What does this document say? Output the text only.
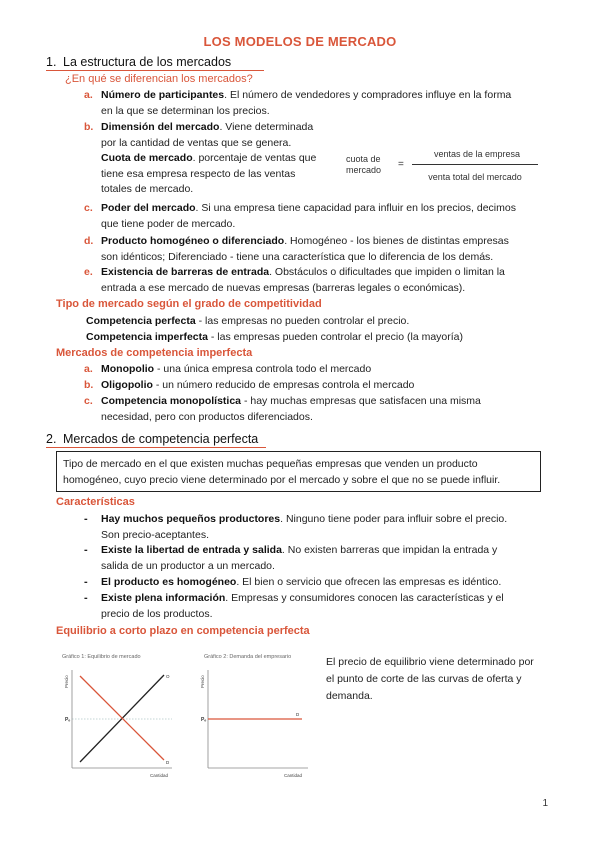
LOS MODELOS DE MERCADO
1. La estructura de los mercados
¿En qué se diferencian los mercados?
a. Número de participantes. El número de vendedores y compradores influye en la forma
en la que se determinan los precios.
b. Dimensión del mercado. Viene determinada
por la cantidad de ventas que se genera.
Cuota de mercado. porcentaje de ventas que
tiene esa empresa respecto de las ventas
totales de mercado.
cuota de
mercado =
ventas de la empresa
venta total del mercado
c. Poder del mercado. Si una empresa tiene capacidad para influir en los precios, decimos
que tiene poder de mercado.
d. Producto homogéneo o diferenciado. Homogéneo - los bienes de distintas empresas
son idénticos; Diferenciado - tiene una característica que lo diferencia de los demás.
e. Existencia de barreras de entrada. Obstáculos o dificultades que impiden o limitan la
entrada a ese mercado de nuevas empresas (barreras legales o económicas).
Tipo de mercado según el grado de competitividad
Competencia perfecta - las empresas no pueden controlar el precio.
Competencia imperfecta - las empresas pueden controlar el precio (la mayoría)
Mercados de competencia imperfecta
a. Monopolio - una única empresa controla todo el mercado
b. Oligopolio - un número reducido de empresas controla el mercado
c. Competencia monopolística - hay muchas empresas que satisfacen una misma
necesidad, pero con productos diferenciados.
2. Mercados de competencia perfecta
Tipo de mercado en el que existen muchas pequeñas empresas que venden un producto
homogéneo, cuyo precio viene determinado por el mercado y sobre el que no se puede influir.
Características
-	Hay muchos pequeños productores. Ninguno tiene poder para influir sobre el precio.
Son precio-aceptantes.
-	Existe la libertad de entrada y salida. No existen barreras que impidan la entrada y
salida de un productor a un mercado.
-	El producto es homogéneo. El bien o servicio que ofrecen las empresas es idéntico.
-	Existe plena información. Empresas y consumidores conocen las características y el
precio de los productos.
Equilibrio a corto plazo en competencia perfecta
Gráfico 1: Equilibrio de mercado
Precio
Pₑ
O
D
Cantidad
Gráfico 2: Demanda del empresario
Precio
Pₑ
D
Cantidad
El precio de equilibrio viene determinado por
el punto de corte de las curvas de oferta y
demanda.
1
